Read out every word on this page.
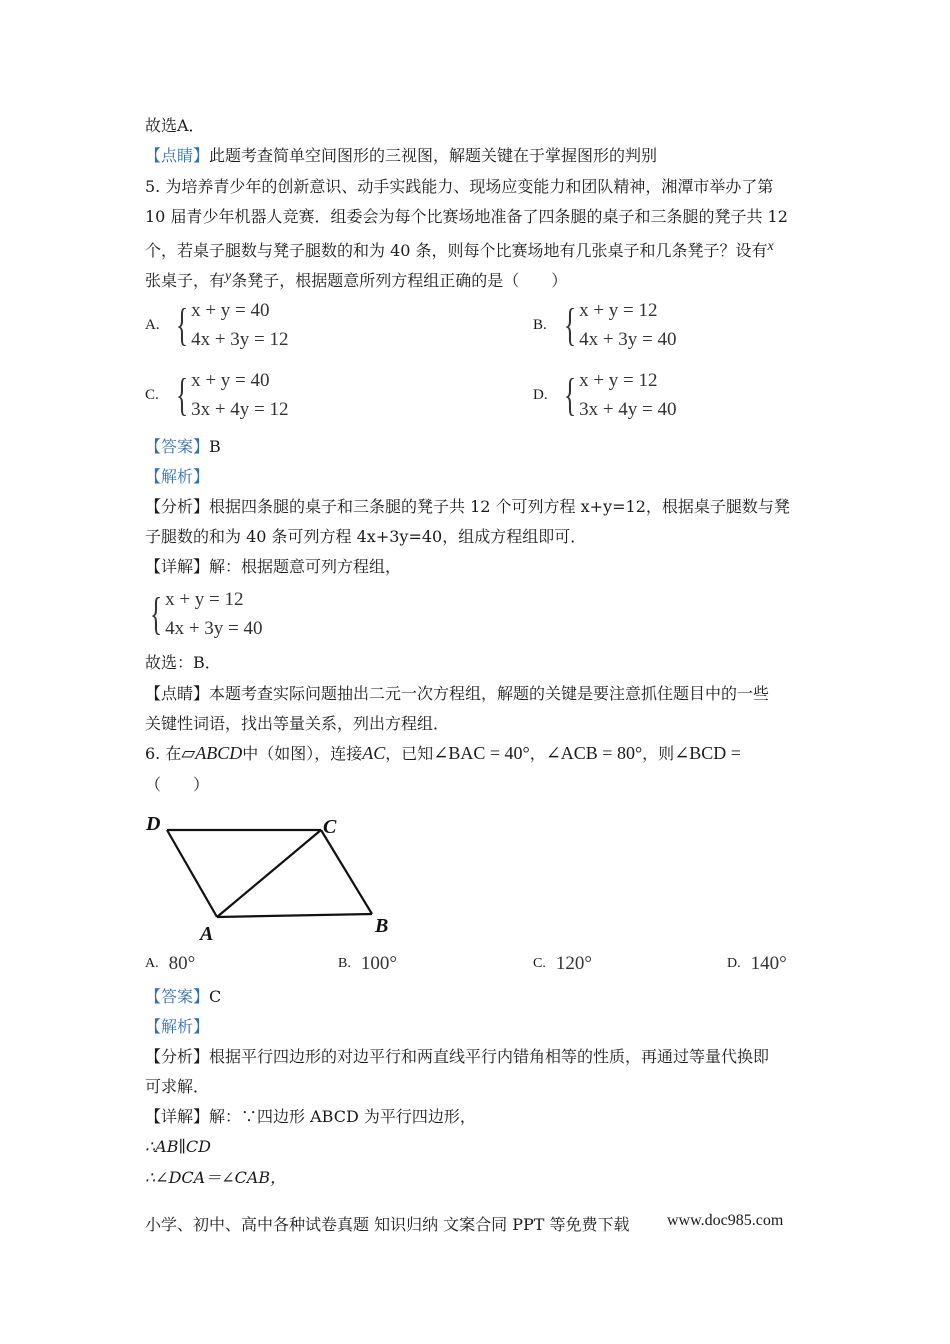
故选A．
【点睛】此题考查简单空间图形的三视图，解题关键在于掌握图形的判别
5. 为培养青少年的创新意识、动手实践能力、现场应变能力和团队精神，湘潭市举办了第
10 届青少年机器人竞赛．组委会为每个比赛场地准备了四条腿的桌子和三条腿的凳子共 12
个，若桌子腿数与凳子腿数的和为 40 条，则每个比赛场地有几张桌子和几条凳子？设有x
张桌子，有y条凳子，根据题意所列方程组正确的是（　　）
A. { x + y = 40
4x + 3y = 12
B. { x + y = 12
4x + 3y = 40
C. { x + y = 40
3x + 4y = 12
D. { x + y = 12
3x + 4y = 40
【答案】B
【解析】
【分析】根据四条腿的桌子和三条腿的凳子共 12 个可列方程 x+y=12，根据桌子腿数与凳
子腿数的和为 40 条可列方程 4x+3y=40，组成方程组即可．
【详解】解：根据题意可列方程组，
{ x + y = 12
4x + 3y = 40
故选：B．
【点睛】本题考查实际问题抽出二元一次方程组，解题的关键是要注意抓住题目中的一些
关键性词语，找出等量关系，列出方程组．
6. 在▱ABCD中（如图），连接AC，已知∠BAC = 40°，∠ACB = 80°，则∠BCD =
（　　）
D	C
A	B
A. 80°	B. 100°	C. 120°	D. 140°
【答案】C
【解析】
【分析】根据平行四边形的对边平行和两直线平行内错角相等的性质，再通过等量代换即
可求解．
【详解】解：∵四边形 ABCD 为平行四边形，
∴AB∥CD
∴∠DCA＝∠CAB，
小学、初中、高中各种试卷真题 知识归纳 文案合同 PPT 等免费下载 www.doc985.com
